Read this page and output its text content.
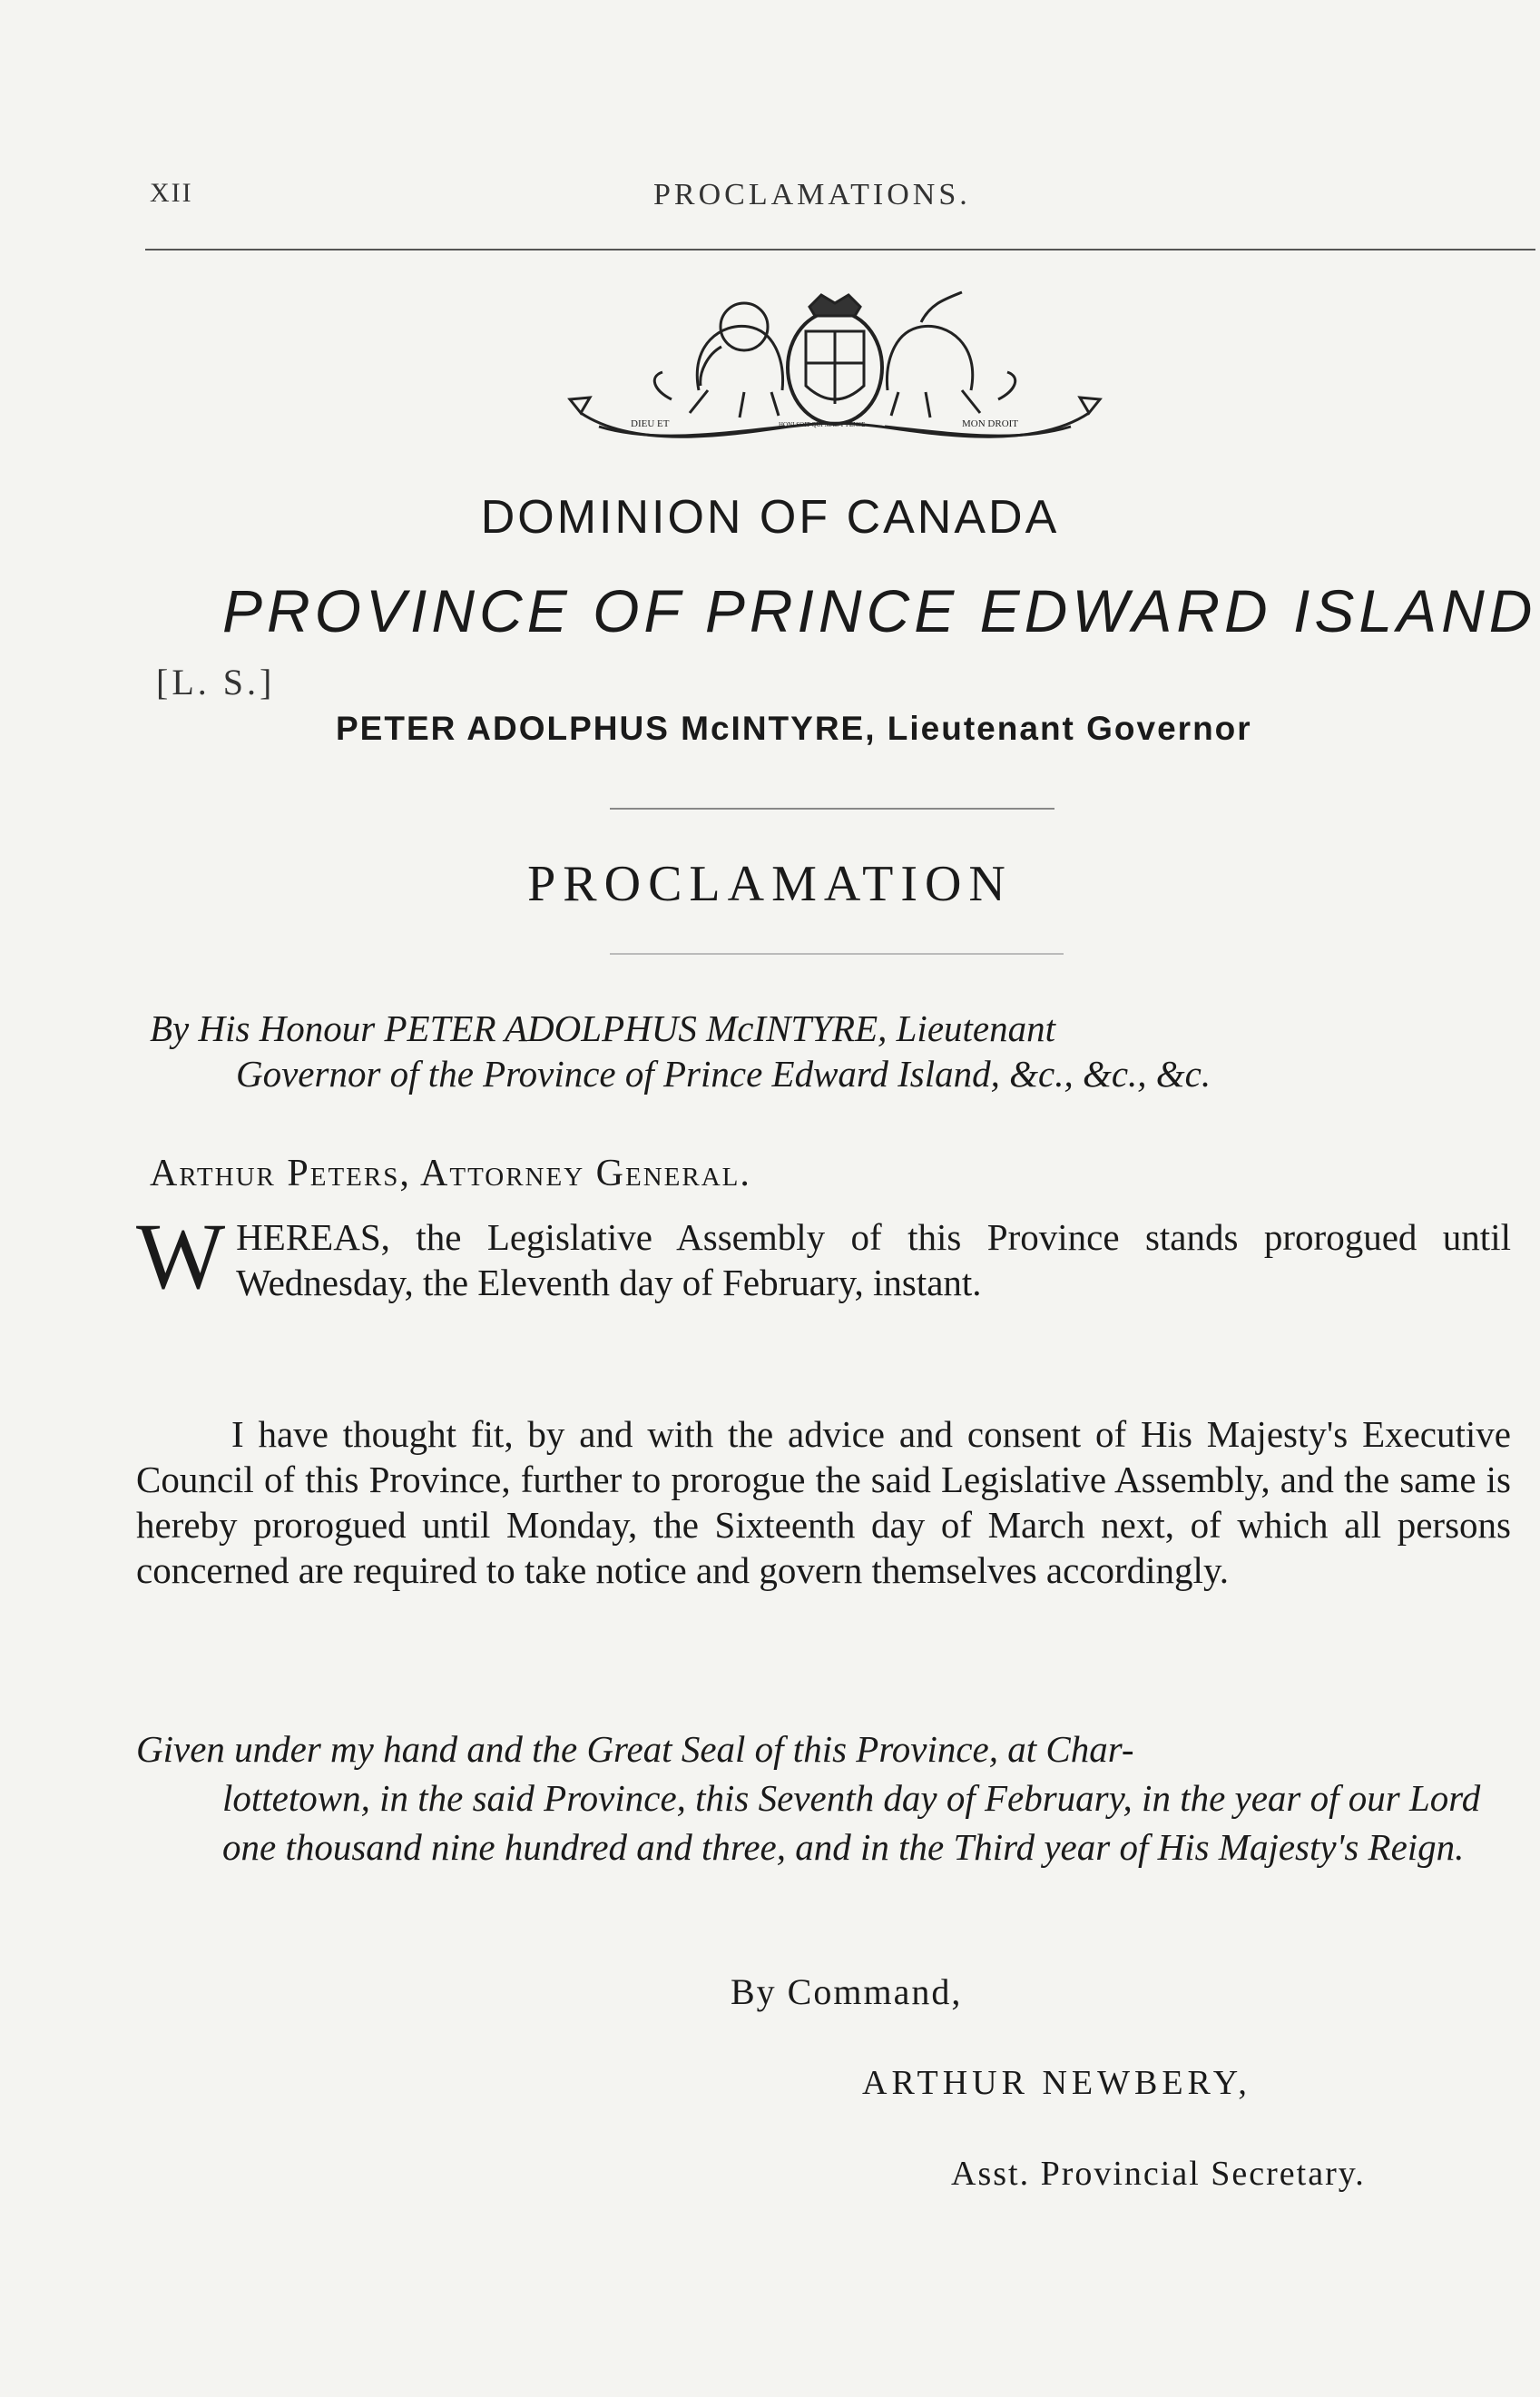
XII	PROCLAMATIONS.
DIEU ET	MON DROIT
HONI SOIT QUI MAL Y PENSE
DOMINION OF CANADA
PROVINCE OF PRINCE EDWARD ISLAND
[L. S.]
PETER ADOLPHUS McINTYRE, Lieutenant Governor
PROCLAMATION
By His Honour PETER ADOLPHUS McINTYRE, Lieutenant
Governor of the Province of Prince Edward Island, &c., &c., &c.
Arthur Peters, Attorney General.
W HEREAS, the Legislative Assembly of this Province stands prorogued until Wednesday, the Eleventh day of February, instant.
I have thought fit, by and with the advice and consent of His Majesty's Executive Council of this Province, further to prorogue the said Legislative Assembly, and the same is hereby prorogued until Monday, the Sixteenth day of March next, of which all persons concerned are required to take notice and govern themselves accordingly.
Given under my hand and the Great Seal of this Province, at Char-
lottetown, in the said Province, this Seventh day of February, in the year of our Lord one thousand nine hundred and three, and in the Third year of His Majesty's Reign.
By Command,
ARTHUR NEWBERY,
Asst. Provincial Secretary.
